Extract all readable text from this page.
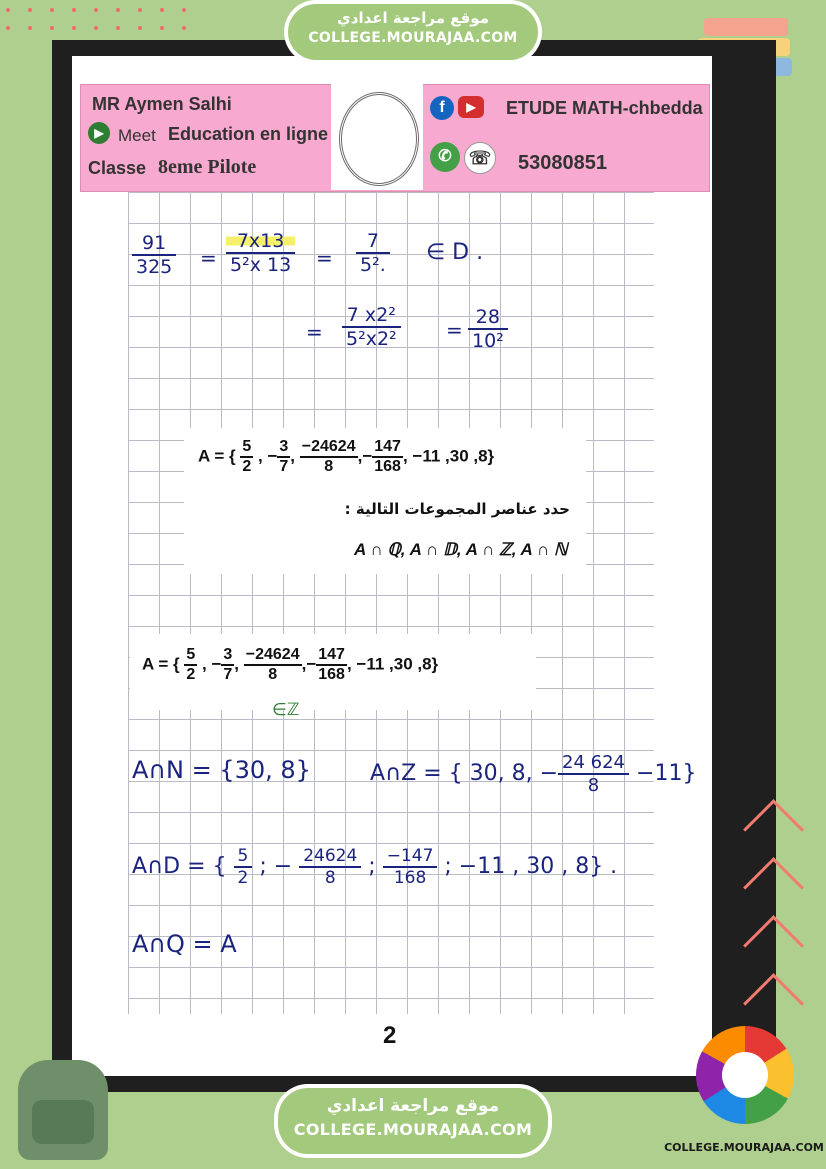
MR Aymen Salhi
▶ Meet Education en ligne
Classe 8eme Pilote
f	▶	ETUDE MATH-chbedda
✆ ☏ 53080851
$\frac{91}{325} = \frac{7x13}{\text{5²x 13}} = \frac{7}{\text{5².}}$ ∈ D .
= $\frac{\text{7 x2²}}{\text{5²x2²}} = \frac{28}{\text{10²}}$
A = { $\frac{5}{2}$ , − $\frac{3}{7}$ , $\frac{-24624}{8}$ ,− $\frac{147}{168}$ , −11 ,30 ,8}
حدد عناصر المجموعات التالية :
A ∩ ℚ, A ∩ 𝔻, A ∩ ℤ, A ∩ ℕ
A = { $\frac{5}{2}$ , − $\frac{3}{7}$ , $\frac{-24624}{8}$ ,− $\frac{147}{168}$ , −11 ,30 ,8}
∈ℤ
A∩N = {30, 8}	A∩Z = { 30, 8, − $\frac{24 624}{8} -11$}
A∩D = { $\frac{5}{2}$ ; − $\frac{24624}{8}$ ; $\frac{-147}{168}$ ; −11 , 30 , 8} .
A∩Q = A
2
موقع مراجعة اعدادي
COLLEGE.MOURAJAA.COM
موقع مراجعة اعدادي
COLLEGE.MOURAJAA.COM
COLLEGE.MOURAJAA.COM
